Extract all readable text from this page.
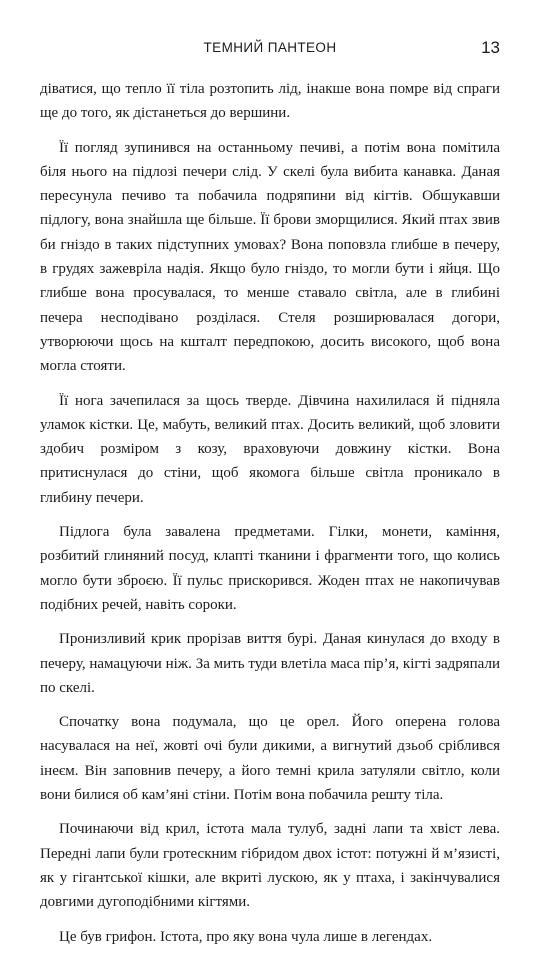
ТЕМНИЙ ПАНТЕОН	13

діватися, що тепло її тіла розтопить лід, інакше вона помре від спраги ще до того, як дістанеться до вершини.

Її погляд зупинився на останньому печиві, а потім вона помітила біля нього на підлозі печери слід. У скелі була вибита канавка. Даная пересунула печиво та побачила подряпини від кігтів. Обшукавши підлогу, вона знайшла ще більше. Її брови зморщилися. Який птах звив би гніздо в таких підступних умовах? Вона поповзла глибше в печеру, в грудях зажевріла надія. Якщо було гніздо, то могли бути і яйця. Що глибше вона просувалася, то менше ставало світла, але в глибині печера несподівано розділася. Стеля розширювалася догори, утворюючи щось на кшталт передпокою, досить високого, щоб вона могла стояти.

Її нога зачепилася за щось тверде. Дівчина нахилилася й підняла уламок кістки. Це, мабуть, великий птах. Досить великий, щоб зловити здобич розміром з козу, враховуючи довжину кістки. Вона притиснулася до стіни, щоб якомога більше світла проникало в глибину печери.

Підлога була завалена предметами. Гілки, монети, каміння, розбитий глиняний посуд, клапті тканини і фрагменти того, що колись могло бути зброєю. Її пульс прискорився. Жоден птах не накопичував подібних речей, навіть сороки.

Пронизливий крик прорізав виття бурі. Даная кинулася до входу в печеру, намацуючи ніж. За мить туди влетіла маса пір’я, кігті задряпали по скелі.

Спочатку вона подумала, що це орел. Його оперена голова насувалася на неї, жовті очі були дикими, а вигнутий дзьоб сріблився інеєм. Він заповнив печеру, а його темні крила затуляли світло, коли вони билися об кам’яні стіни. Потім вона побачила решту тіла.

Починаючи від крил, істота мала тулуб, задні лапи та хвіст лева. Передні лапи були гротескним гібридом двох істот: потужні й м’язисті, як у гігантської кішки, але вкриті лускою, як у птаха, і закінчувалися довгими дугоподібними кігтями.

Це був грифон. Істота, про яку вона чула лише в легендах.
